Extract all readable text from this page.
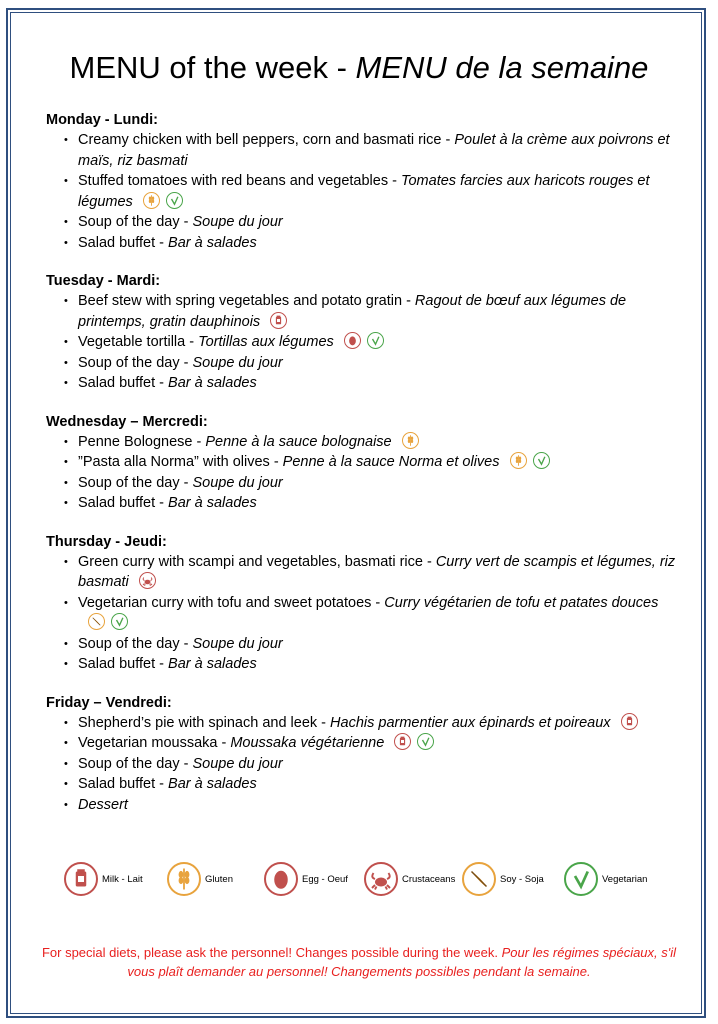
MENU of the week - MENU de la semaine
Monday - Lundi:
• Creamy chicken with bell peppers, corn and basmati rice - Poulet à la crème aux poivrons et maïs, riz basmati
• Stuffed tomatoes with red beans and vegetables - Tomates farcies aux haricots rouges et légumes
• Soup of the day - Soupe du jour
• Salad buffet - Bar à salades
Tuesday - Mardi:
• Beef stew with spring vegetables and potato gratin - Ragout de bœuf aux légumes de printemps, gratin dauphinois
• Vegetable tortilla - Tortillas aux légumes
• Soup of the day - Soupe du jour
• Salad buffet - Bar à salades
Wednesday – Mercredi:
• Penne Bolognese - Penne à la sauce bolognaise
• ”Pasta alla Norma” with olives - Penne à la sauce Norma et olives
• Soup of the day - Soupe du jour
• Salad buffet - Bar à salades
Thursday - Jeudi:
• Green curry with scampi and vegetables, basmati rice - Curry vert de scampis et légumes, riz basmati
• Vegetarian curry with tofu and sweet potatoes - Curry végétarien de tofu et patates douces
• Soup of the day - Soupe du jour
• Salad buffet - Bar à salades
Friday – Vendredi:
• Shepherd’s pie with spinach and leek - Hachis parmentier aux épinards et poireaux
• Vegetarian moussaka - Moussaka végétarienne
• Soup of the day - Soupe du jour
• Salad buffet - Bar à salades
• Dessert
Milk - Lait	Gluten	Egg - Oeuf	Crustaceans	Soy - Soja	Vegetarian

For special diets, please ask the personnel! Changes possible during the week. Pour les régimes spéciaux, s'il vous plaît demander au personnel! Changements possibles pendant la semaine.
